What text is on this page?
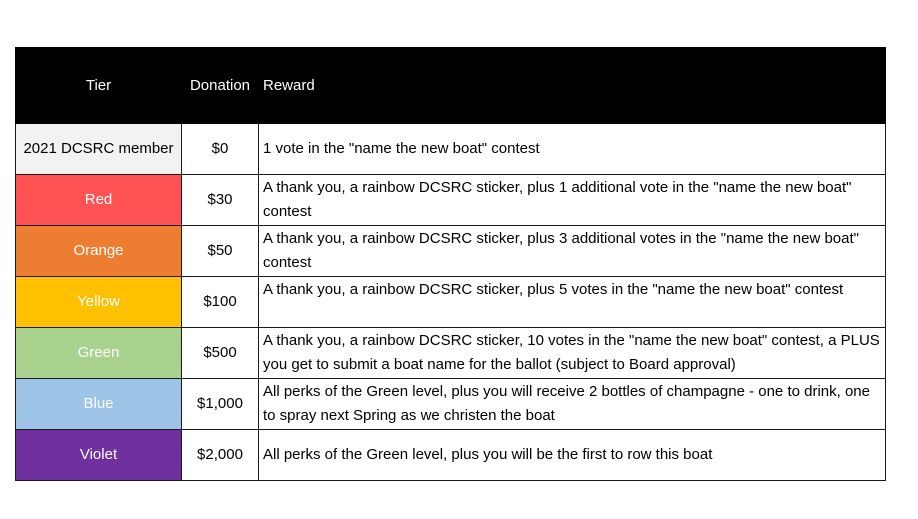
Tier	Donation	Reward
2021 DCSRC member	$0	1 vote in the "name the new boat" contest
Red	$30	A thank you, a rainbow DCSRC sticker, plus 1 additional vote in the "name the new boat" contest
Orange	$50	A thank you, a rainbow DCSRC sticker, plus 3 additional votes in the "name the new boat" contest
Yellow	$100	A thank you, a rainbow DCSRC sticker, plus 5 votes in the "name the new boat" contest
Green	$500	A thank you, a rainbow DCSRC sticker, 10 votes in the "name the new boat" contest, a PLUS you get to submit a boat name for the ballot (subject to Board approval)
Blue	$1,000	All perks of the Green level, plus you will receive 2 bottles of champagne - one to drink, one to spray next Spring as we christen the boat
Violet	$2,000	All perks of the Green level, plus you will be the first to row this boat
